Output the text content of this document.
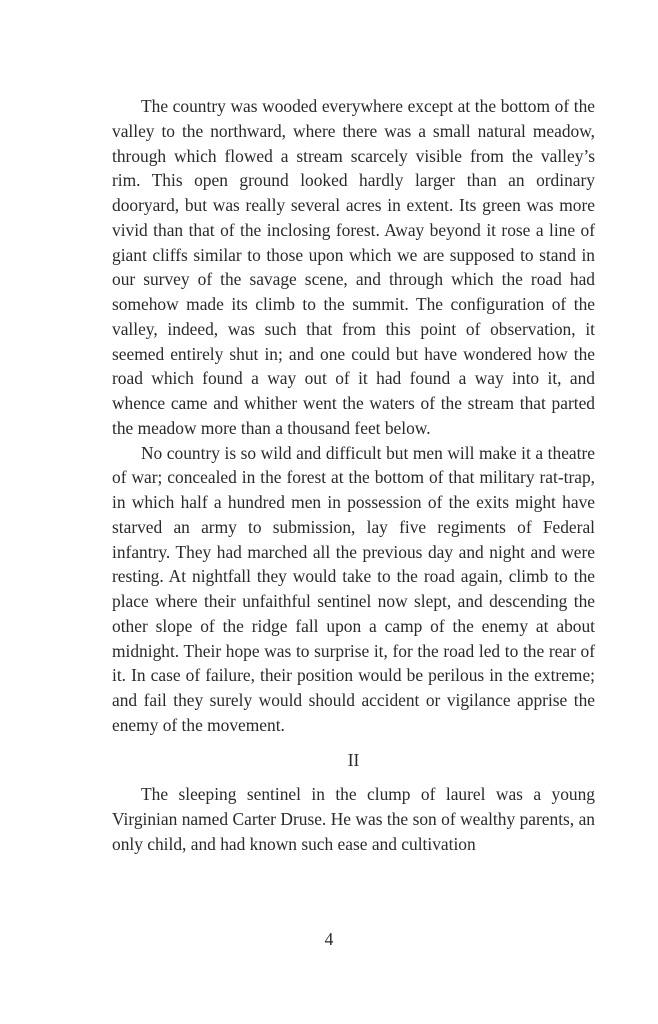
The country was wooded everywhere except at the bottom of the valley to the northward, where there was a small natural meadow, through which flowed a stream scarcely visible from the valley’s rim. This open ground looked hardly larger than an ordinary dooryard, but was really several acres in extent. Its green was more vivid than that of the inclosing forest. Away beyond it rose a line of giant cliffs similar to those upon which we are supposed to stand in our survey of the savage scene, and through which the road had somehow made its climb to the summit. The configuration of the valley, indeed, was such that from this point of observation, it seemed entirely shut in; and one could but have wondered how the road which found a way out of it had found a way into it, and whence came and whither went the waters of the stream that parted the meadow more than a thousand feet below.

No country is so wild and difficult but men will make it a theatre of war; concealed in the forest at the bottom of that military rat-trap, in which half a hundred men in possession of the exits might have starved an army to submission, lay five regiments of Federal infantry. They had marched all the previous day and night and were resting. At nightfall they would take to the road again, climb to the place where their unfaithful sentinel now slept, and descending the other slope of the ridge fall upon a camp of the enemy at about midnight. Their hope was to surprise it, for the road led to the rear of it. In case of failure, their position would be perilous in the extreme; and fail they surely would should accident or vigilance apprise the enemy of the movement.

II

The sleeping sentinel in the clump of laurel was a young Virginian named Carter Druse. He was the son of wealthy parents, an only child, and had known such ease and cultivation

4
